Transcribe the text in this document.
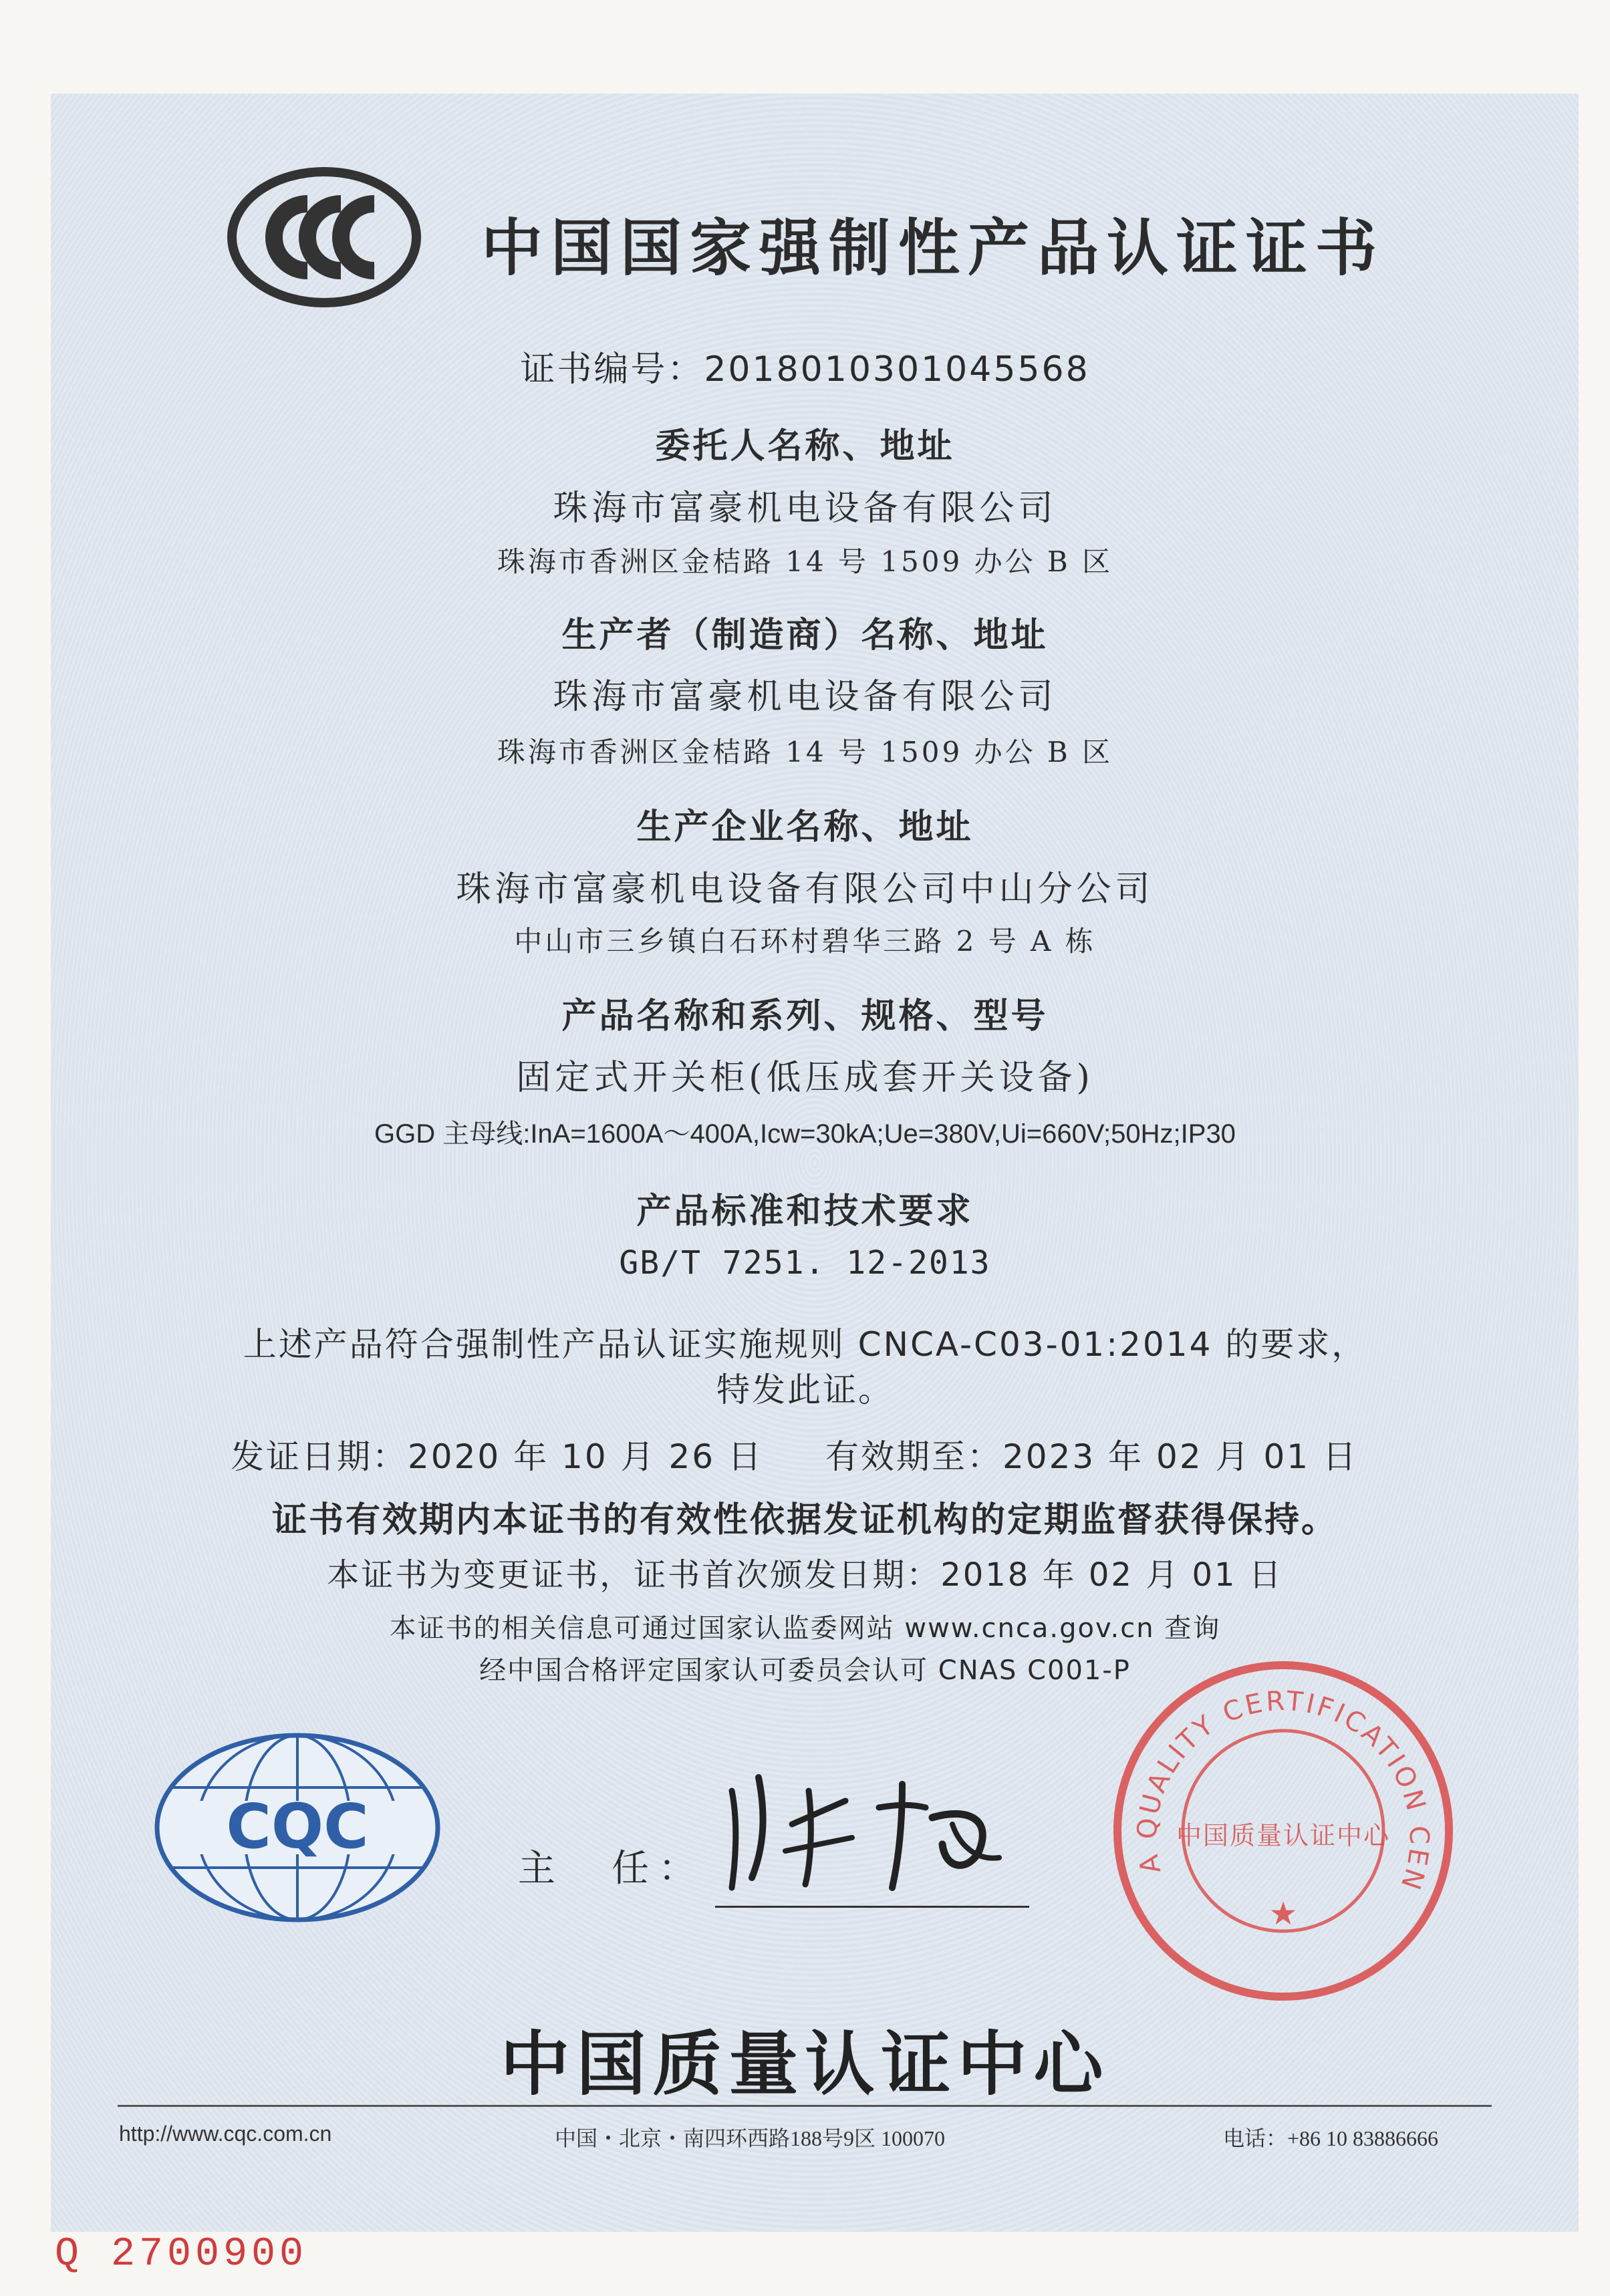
中国国家强制性产品认证证书
证书编号：2018010301045568
委托人名称、地址
珠海市富豪机电设备有限公司
珠海市香洲区金桔路 14 号 1509 办公 B 区
生产者（制造商）名称、地址
珠海市富豪机电设备有限公司
珠海市香洲区金桔路 14 号 1509 办公 B 区
生产企业名称、地址
珠海市富豪机电设备有限公司中山分公司
中山市三乡镇白石环村碧华三路 2 号 A 栋
产品名称和系列、规格、型号
固定式开关柜(低压成套开关设备)
GGD 主母线:InA=1600A～400A,Icw=30kA;Ue=380V,Ui=660V;50Hz;IP30
产品标准和技术要求
GB/T 7251. 12-2013
上述产品符合强制性产品认证实施规则 CNCA-C03-01:2014 的要求，
特发此证。
发证日期：2020 年 10 月 26 日 有效期至：2023 年 02 月 01 日
证书有效期内本证书的有效性依据发证机构的定期监督获得保持。
本证书为变更证书，证书首次颁发日期：2018 年 02 月 01 日
本证书的相关信息可通过国家认监委网站 www.cnca.gov.cn 查询
经中国合格评定国家认可委员会认可 CNAS C001-P
CQC
主　任：	A QUALITY CERTIFICATION CEN
中国质量认证中心
★
中国质量认证中心
http://www.cqc.com.cn	中国・北京・南四环西路188号9区 100070	电话：+86 10 83886666
Q 2700900
